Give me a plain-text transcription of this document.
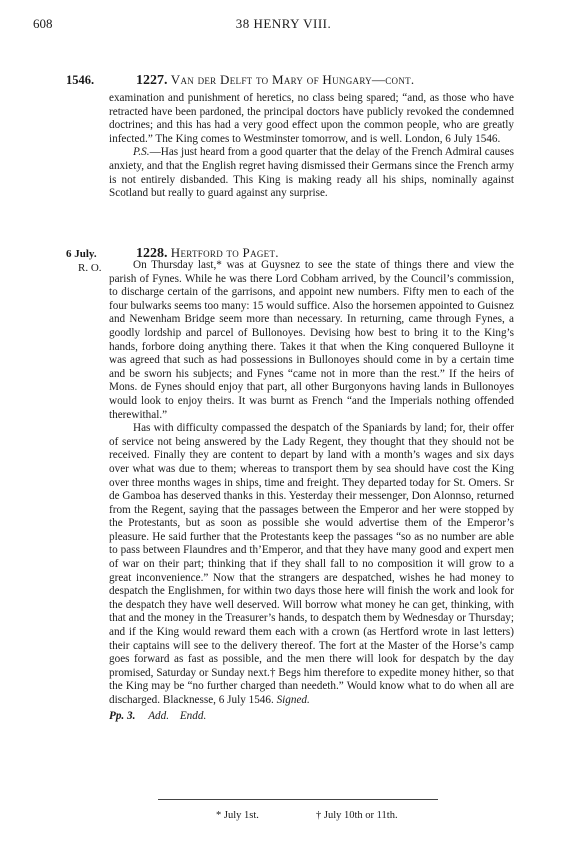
608	38 HENRY VIII.
1546.	1227. Van der Delft to Mary of Hungary—cont.

examination and punishment of heretics, no class being spared; “and, as those who have retracted have been pardoned, the principal doctors have publicly revoked the condemned doctrines; and this has had a very good effect upon the common people, who are greatly infected.” The King comes to Westminster tomorrow, and is well. London, 6 July 1546.

P.S.—Has just heard from a good quarter that the delay of the French Admiral causes anxiety, and that the English regret having dismissed their Germans since the French army is not entirely disbanded. This King is making ready all his ships, nominally against Scotland but really to guard against any surprise.

6 July.
R. O.
1228. Hertford to Paget.

On Thursday last,* was at Guysnez to see the state of things there and view the parish of Fynes. While he was there Lord Cobham arrived, by the Council’s commission, to discharge certain of the garrisons, and appoint new numbers. Fifty men to each of the four bulwarks seems too many: 15 would suffice. Also the horsemen appointed to Guisnez and Newenham Bridge seem more than necessary. In returning, came through Fynes, a goodly lordship and parcel of Bullonoyes. Devising how best to bring it to the King’s hands, forbore doing anything there. Takes it that when the King conquered Bulloyne it was agreed that such as had possessions in Bullonoyes should come in by a certain time and be sworn his subjects; and Fynes “came not in more than the rest.” If the heirs of Mons. de Fynes should enjoy that part, all other Burgonyons having lands in Bullonoyes would look to enjoy theirs. It was burnt as French “and the Imperials nothing offended therewithal.”

Has with difficulty compassed the despatch of the Spaniards by land; for, their offer of service not being answered by the Lady Regent, they thought that they should not be received. Finally they are content to depart by land with a month’s wages and six days over what was due to them; whereas to transport them by sea should have cost the King over three months wages in ships, time and freight. They departed today for St. Omers. Sr de Gamboa has deserved thanks in this. Yesterday their messenger, Don Alonnso, returned from the Regent, saying that the passages between the Emperor and her were stopped by the Protestants, but as soon as possible she would advertise them of the Emperor’s pleasure. He said further that the Protestants keep the passages “so as no number are able to pass between Flaundres and th’Emperor, and that they have many good and expert men of war on their part; thinking that if they shall fall to no composition it will grow to a great inconvenience.” Now that the strangers are despatched, wishes he had money to despatch the Englishmen, for within two days those here will finish the work and look for the despatch they have well deserved. Will borrow what money he can get, thinking, with that and the money in the Treasurer’s hands, to despatch them by Wednesday or Thursday; and if the King would reward them each with a crown (as Hertford wrote in last letters) their captains will see to the delivery thereof. The fort at the Master of the Horse’s camp goes forward as fast as possible, and the men there will look for despatch by the day promised, Saturday or Sunday next.† Begs him therefore to expedite money hither, so that the King may be “no further charged than needeth.” Would know what to do when all are discharged. Blacknesse, 6 July 1546. Signed.

Pp. 3. Add. Endd.

* July 1st.	† July 10th or 11th.
